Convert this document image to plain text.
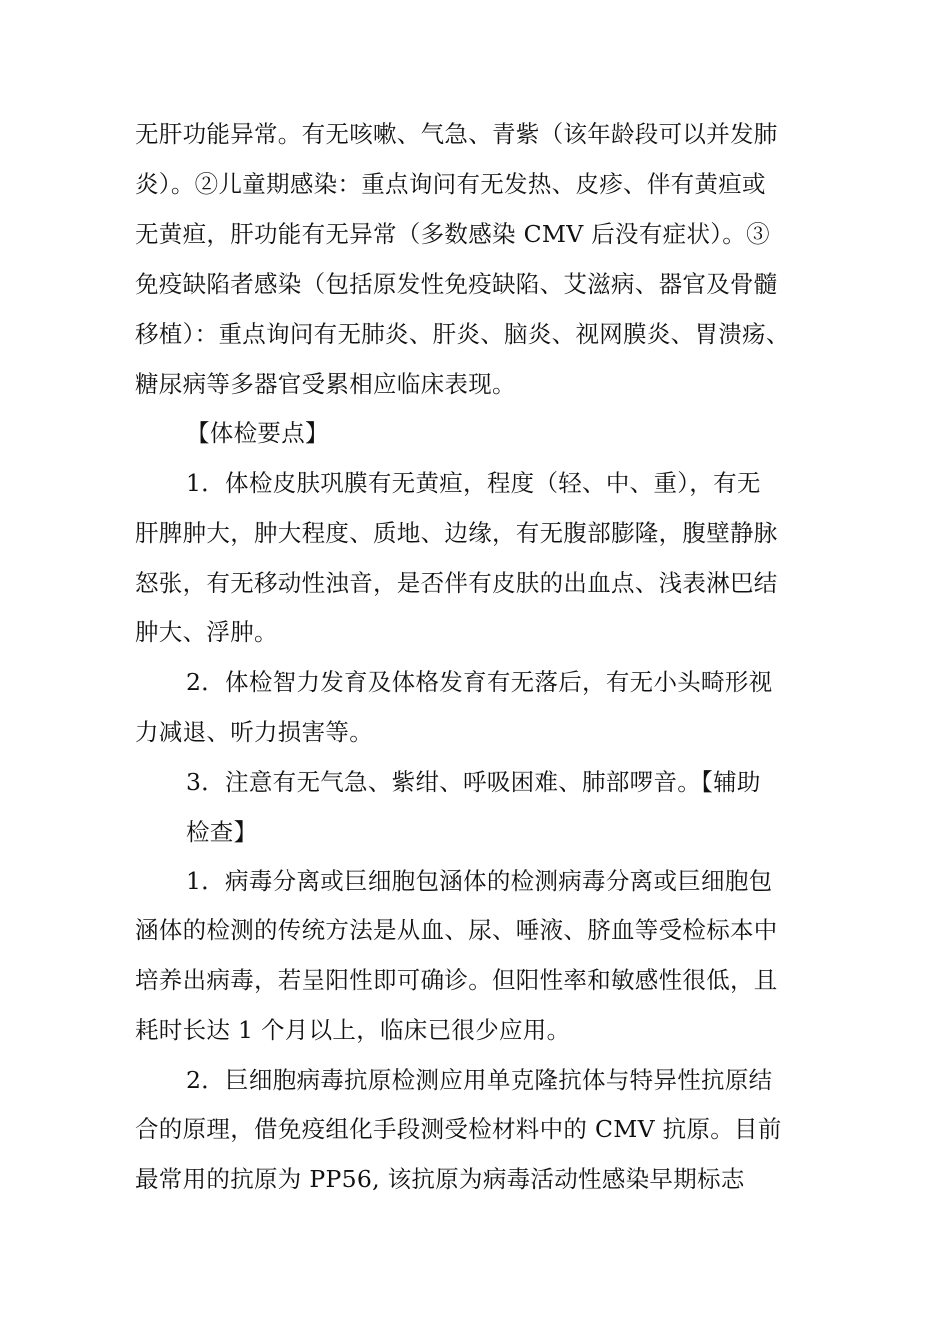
无肝功能异常。有无咳嗽、气急、青紫（该年龄段可以并发肺
炎）。②儿童期感染：重点询问有无发热、皮疹、伴有黄疸或
无黄疸，肝功能有无异常（多数感染 CMV 后没有症状）。③
免疫缺陷者感染（包括原发性免疫缺陷、艾滋病、器官及骨髓
移植）：重点询问有无肺炎、肝炎、脑炎、视网膜炎、胃溃疡、
糖尿病等多器官受累相应临床表现。
【体检要点】
1．体检皮肤巩膜有无黄疸，程度（轻、中、重），有无
肝脾肿大，肿大程度、质地、边缘，有无腹部膨隆，腹壁静脉
怒张，有无移动性浊音，是否伴有皮肤的出血点、浅表淋巴结
肿大、浮肿。
2．体检智力发育及体格发育有无落后，有无小头畸形视
力减退、听力损害等。
3．注意有无气急、紫绀、呼吸困难、肺部啰音。【辅助
检查】
1．病毒分离或巨细胞包涵体的检测病毒分离或巨细胞包
涵体的检测的传统方法是从血、尿、唾液、脐血等受检标本中
培养出病毒，若呈阳性即可确诊。但阳性率和敏感性很低，且
耗时长达 1 个月以上，临床已很少应用。
2．巨细胞病毒抗原检测应用单克隆抗体与特异性抗原结
合的原理，借免疫组化手段测受检材料中的 CMV 抗原。目前
最常用的抗原为 PP56, 该抗原为病毒活动性感染早期标志
